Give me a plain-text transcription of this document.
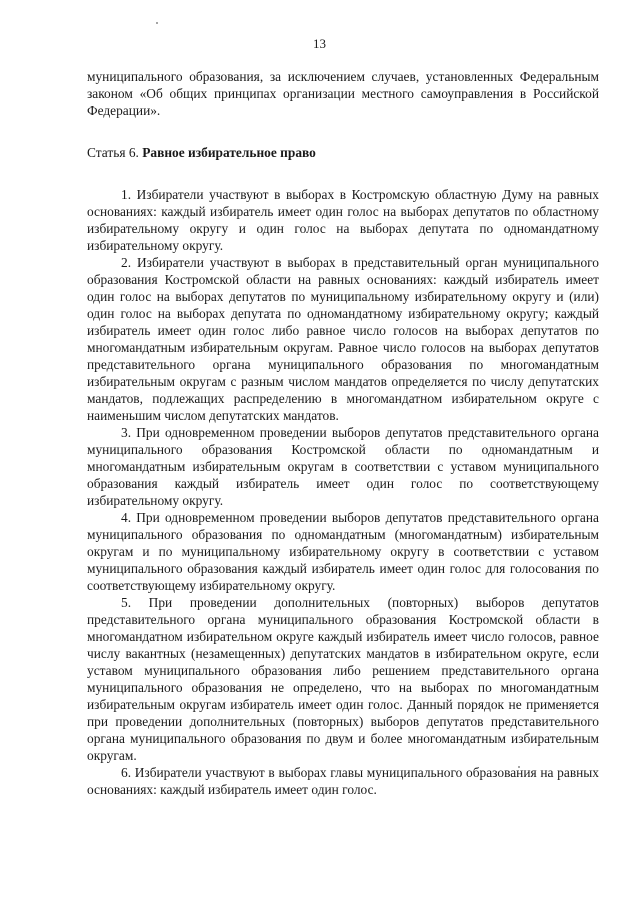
13

муниципального образования, за исключением случаев, установленных Федеральным законом «Об общих принципах организации местного самоуправления в Российской Федерации».

Статья 6. Равное избирательное право

1. Избиратели участвуют в выборах в Костромскую областную Думу на равных основаниях: каждый избиратель имеет один голос на выборах депутатов по областному избирательному округу и один голос на выборах депутата по одномандатному избирательному округу.

2. Избиратели участвуют в выборах в представительный орган муниципального образования Костромской области на равных основаниях: каждый избиратель имеет один голос на выборах депутатов по муниципальному избирательному округу и (или) один голос на выборах депутата по одномандатному избирательному округу; каждый избиратель имеет один голос либо равное число голосов на выборах депутатов по многомандатным избирательным округам. Равное число голосов на выборах депутатов представительного органа муниципального образования по многомандатным избирательным округам с разным числом мандатов определяется по числу депутатских мандатов, подлежащих распределению в многомандатном избирательном округе с наименьшим числом депутатских мандатов.

3. При одновременном проведении выборов депутатов представительного органа муниципального образования Костромской области по одномандатным и многомандатным избирательным округам в соответствии с уставом муниципального образования каждый избиратель имеет один голос по соответствующему избирательному округу.

4. При одновременном проведении выборов депутатов представительного органа муниципального образования по одномандатным (многомандатным) избирательным округам и по муниципальному избирательному округу в соответствии с уставом муниципального образования каждый избиратель имеет один голос для голосования по соответствующему избирательному округу.

5. При проведении дополнительных (повторных) выборов депутатов представительного органа муниципального образования Костромской области в многомандатном избирательном округе каждый избиратель имеет число голосов, равное числу вакантных (незамещенных) депутатских мандатов в избирательном округе, если уставом муниципального образования либо решением представительного органа муниципального образования не определено, что на выборах по многомандатным избирательным округам избиратель имеет один голос. Данный порядок не применяется при проведении дополнительных (повторных) выборов депутатов представительного органа муниципального образования по двум и более многомандатным избирательным округам.

6. Избиратели участвуют в выборах главы муниципального образования на равных основаниях: каждый избиратель имеет один голос.
